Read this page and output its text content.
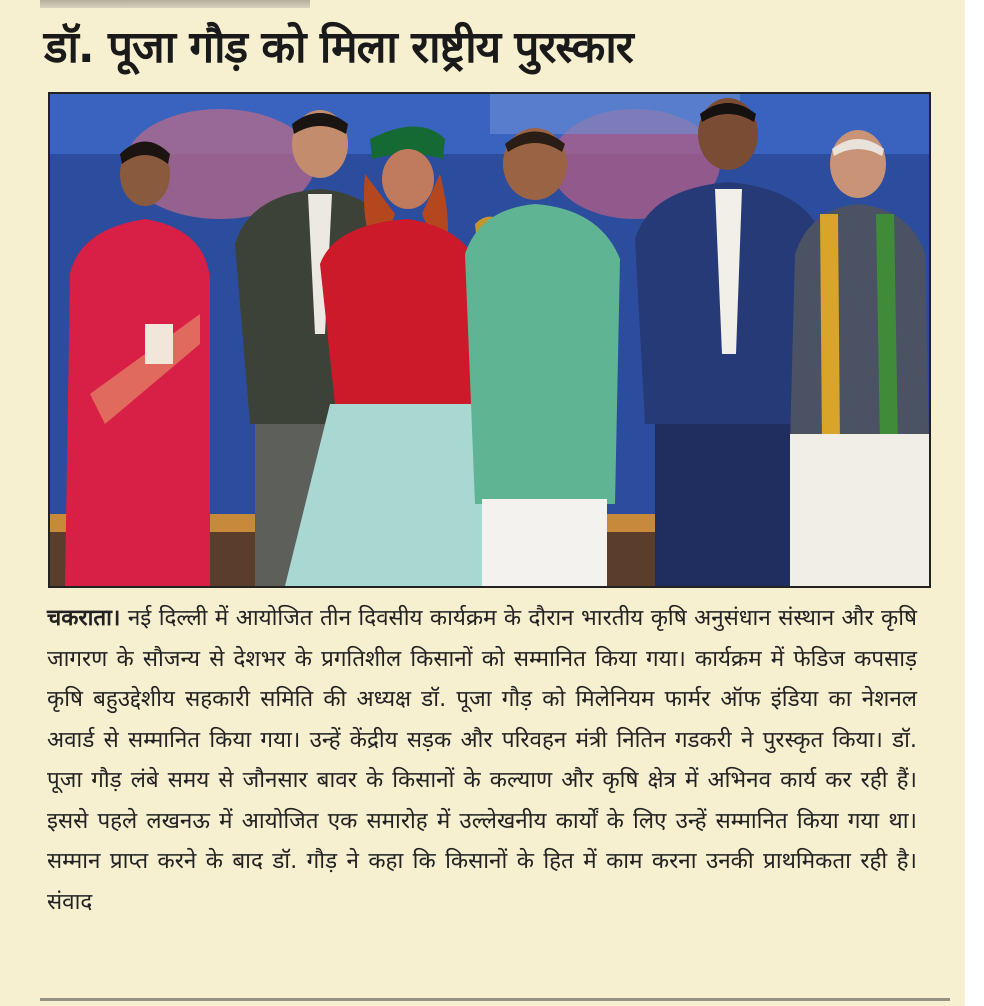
डॉ. पूजा गौड़ को मिला राष्ट्रीय पुरस्कार
चकराता। नई दिल्ली में आयोजित तीन दिवसीय कार्यक्रम के दौरान भारतीय कृषि अनुसंधान संस्थान और कृषि जागरण के सौजन्य से देशभर के प्रगतिशील किसानों को सम्मानित किया गया। कार्यक्रम में फेडिज कपसाड़ कृषि बहुउद्देशीय सहकारी समिति की अध्यक्ष डॉ. पूजा गौड़ को मिलेनियम फार्मर ऑफ इंडिया का नेशनल अवार्ड से सम्मानित किया गया। उन्हें केंद्रीय सड़क और परिवहन मंत्री नितिन गडकरी ने पुरस्कृत किया। डॉ. पूजा गौड़ लंबे समय से जौनसार बावर के किसानों के कल्याण और कृषि क्षेत्र में अभिनव कार्य कर रही हैं। इससे पहले लखनऊ में आयोजित एक समारोह में उल्लेखनीय कार्यों के लिए उन्हें सम्मानित किया गया था। सम्मान प्राप्त करने के बाद डॉ. गौड़ ने कहा कि किसानों के हित में काम करना उनकी प्राथमिकता रही है। संवाद
